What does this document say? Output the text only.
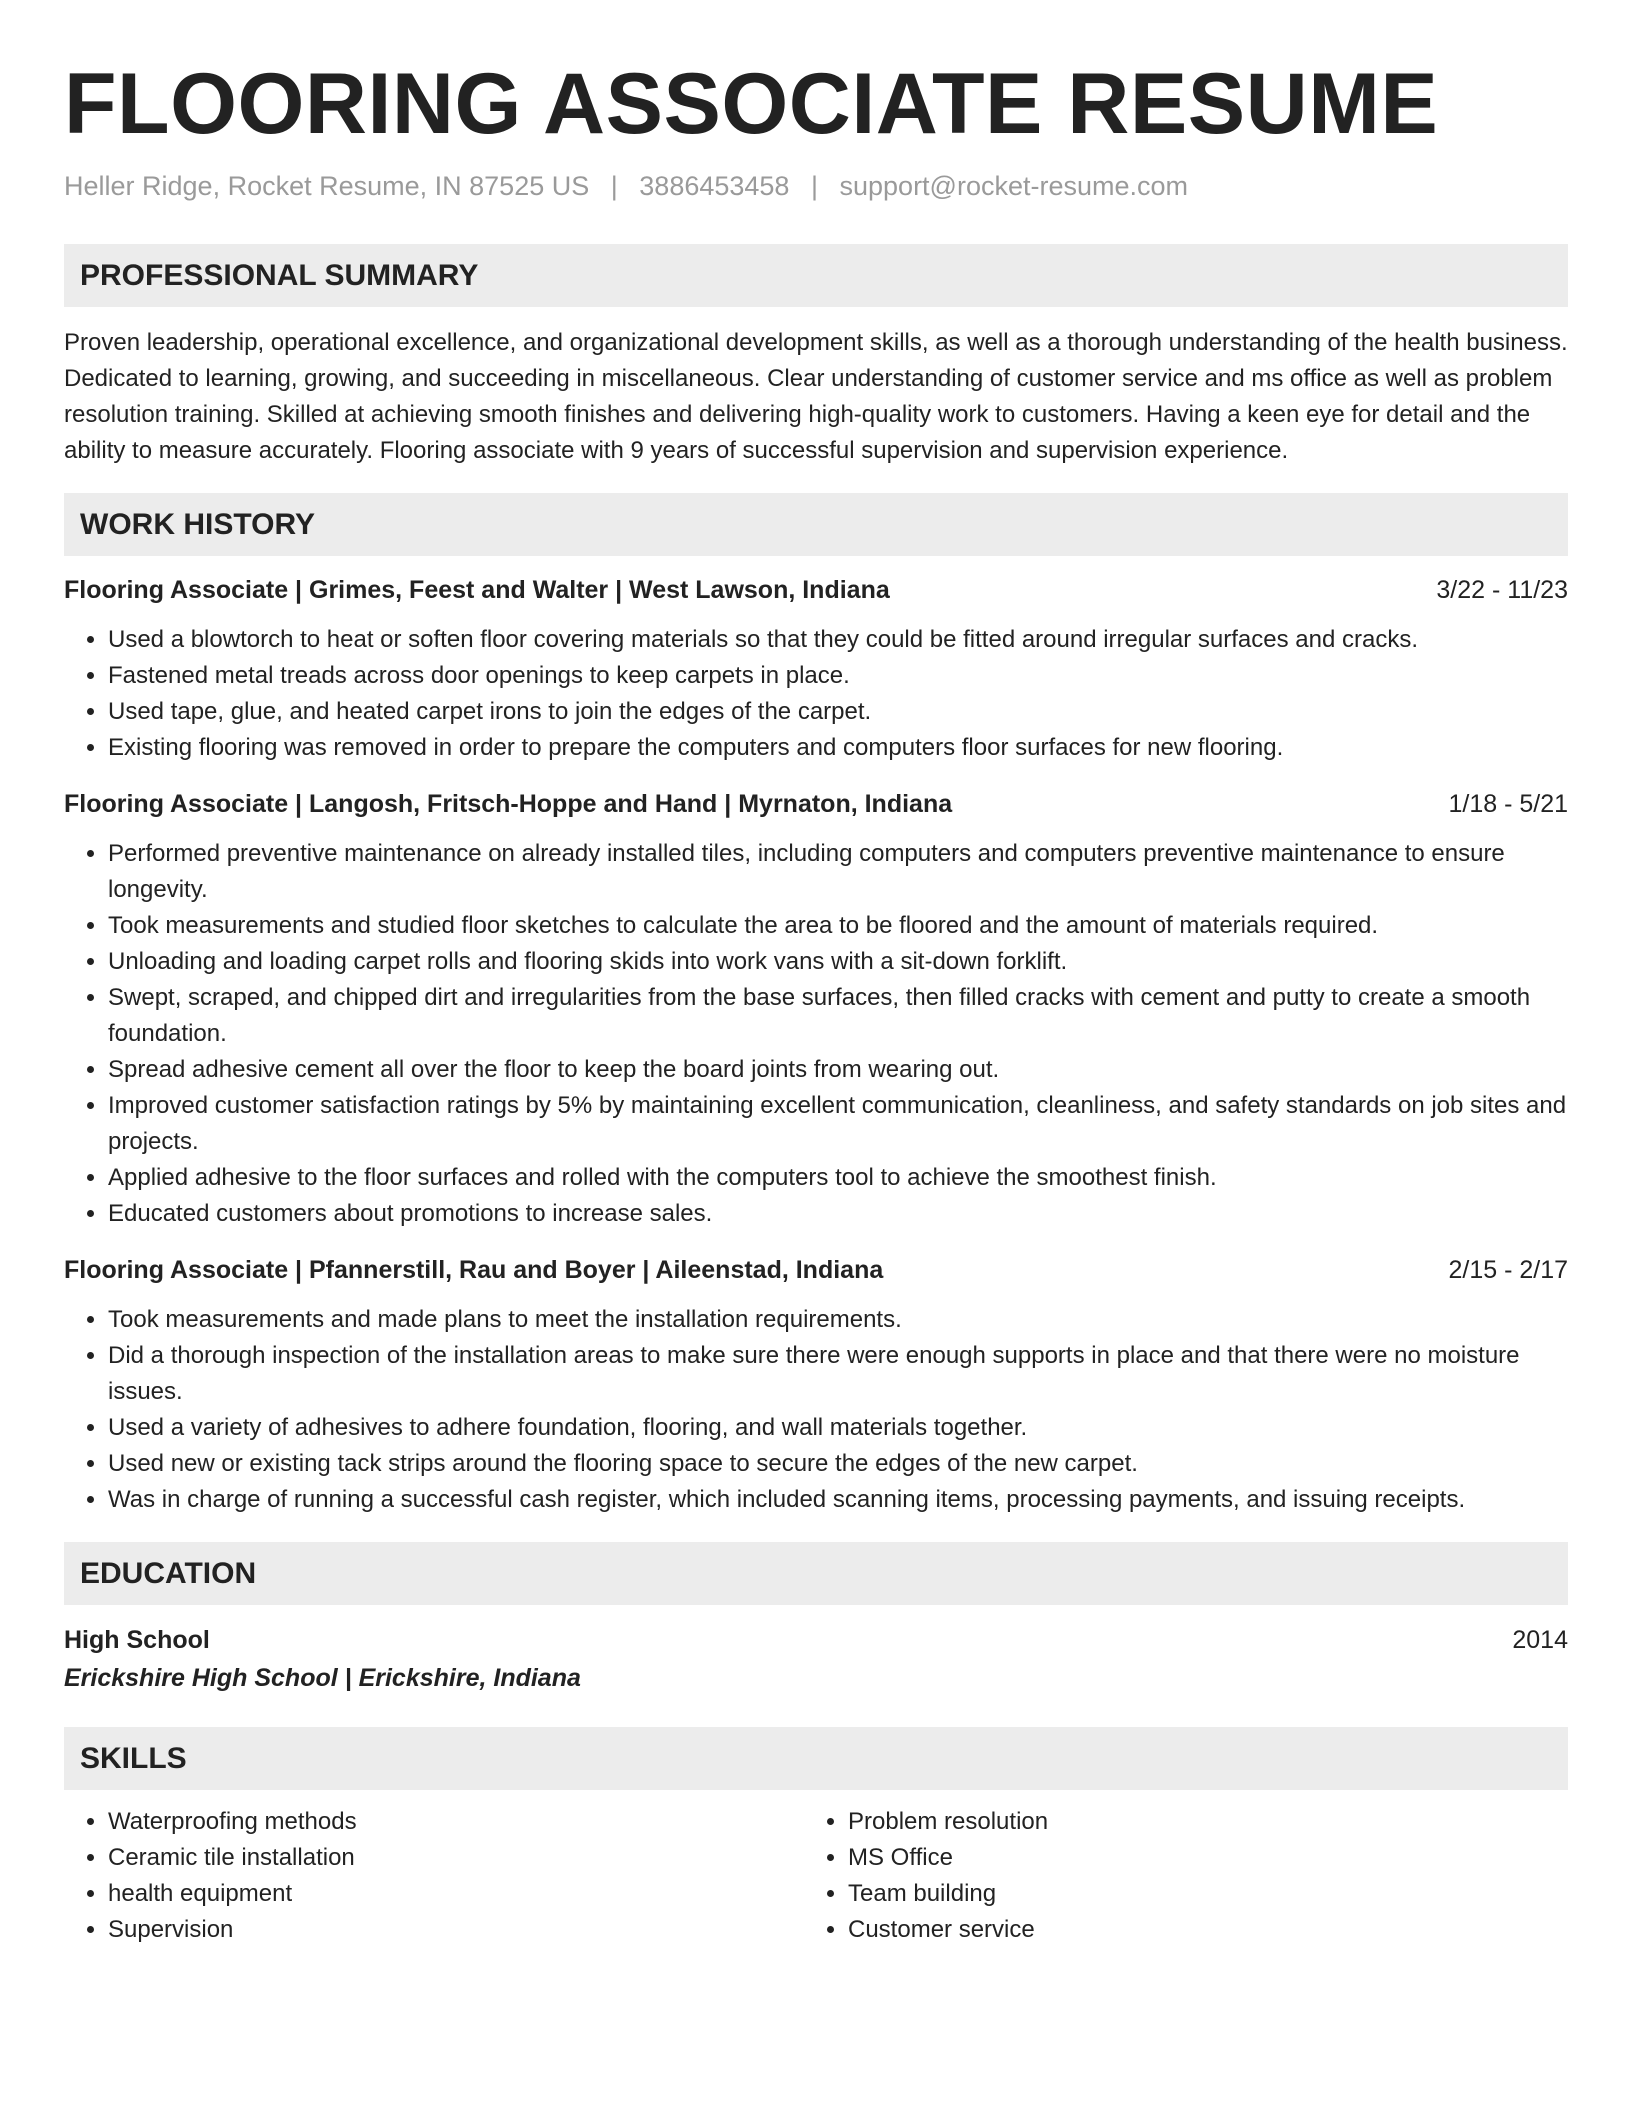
FLOORING ASSOCIATE RESUME
Heller Ridge, Rocket Resume, IN 87525 US | 3886453458 | support@rocket-resume.com
PROFESSIONAL SUMMARY

Proven leadership, operational excellence, and organizational development skills, as well as a thorough understanding of the health business. Dedicated to learning, growing, and succeeding in miscellaneous. Clear understanding of customer service and ms office as well as problem resolution training. Skilled at achieving smooth finishes and delivering high-quality work to customers. Having a keen eye for detail and the ability to measure accurately. Flooring associate with 9 years of successful supervision and supervision experience.

WORK HISTORY
Flooring Associate | Grimes, Feest and Walter | West Lawson, Indiana	3/22 - 11/23
• Used a blowtorch to heat or soften floor covering materials so that they could be fitted around irregular surfaces and cracks.
• Fastened metal treads across door openings to keep carpets in place.
• Used tape, glue, and heated carpet irons to join the edges of the carpet.
• Existing flooring was removed in order to prepare the computers and computers floor surfaces for new flooring.
Flooring Associate | Langosh, Fritsch-Hoppe and Hand | Myrnaton, Indiana	1/18 - 5/21
• Performed preventive maintenance on already installed tiles, including computers and computers preventive maintenance to ensure longevity.
• Took measurements and studied floor sketches to calculate the area to be floored and the amount of materials required.
• Unloading and loading carpet rolls and flooring skids into work vans with a sit-down forklift.
• Swept, scraped, and chipped dirt and irregularities from the base surfaces, then filled cracks with cement and putty to create a smooth foundation.
• Spread adhesive cement all over the floor to keep the board joints from wearing out.
• Improved customer satisfaction ratings by 5% by maintaining excellent communication, cleanliness, and safety standards on job sites and projects.
• Applied adhesive to the floor surfaces and rolled with the computers tool to achieve the smoothest finish.
• Educated customers about promotions to increase sales.
Flooring Associate | Pfannerstill, Rau and Boyer | Aileenstad, Indiana	2/15 - 2/17
• Took measurements and made plans to meet the installation requirements.
• Did a thorough inspection of the installation areas to make sure there were enough supports in place and that there were no moisture issues.
• Used a variety of adhesives to adhere foundation, flooring, and wall materials together.
• Used new or existing tack strips around the flooring space to secure the edges of the new carpet.
• Was in charge of running a successful cash register, which included scanning items, processing payments, and issuing receipts.
EDUCATION
High School	2014
Erickshire High School | Erickshire, Indiana
SKILLS
• Waterproofing methods
• Ceramic tile installation
• health equipment
• Supervision
• Problem resolution
• MS Office
• Team building
• Customer service
